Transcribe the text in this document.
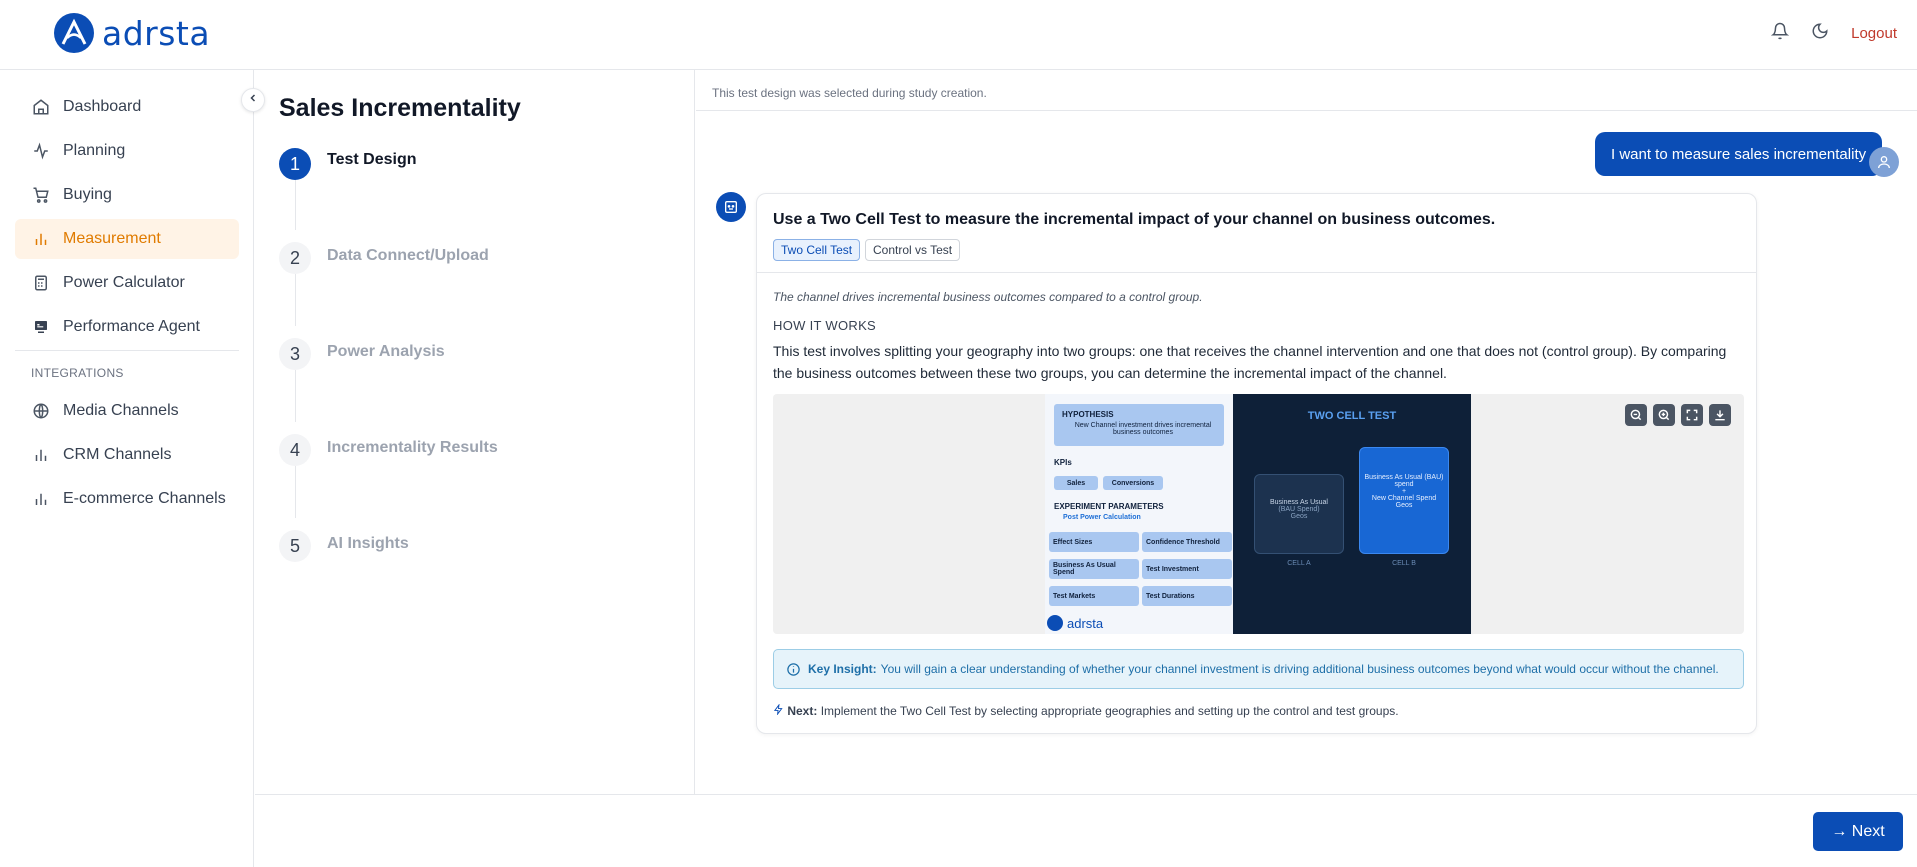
adrsta	Logout
Dashboard
Planning
Buying
Measurement
Power Calculator
Performance Agent
INTEGRATIONS
Media Channels
CRM Channels
E-commerce Channels
Sales Incrementality
1	Test Design
2	Data Connect/Upload
3	Power Analysis
4	Incrementality Results
5	AI Insights
This test design was selected during study creation.
I want to measure sales incrementality
Use a Two Cell Test to measure the incremental impact of your channel on business outcomes.
Two Cell Test	Control vs Test
The channel drives incremental business outcomes compared to a control group.
HOW IT WORKS
This test involves splitting your geography into two groups: one that receives the channel intervention and one that does not (control group). By comparing the business outcomes between these two groups, you can determine the incremental impact of the channel.
HYPOTHESIS
New Channel investment drives incremental business outcomes
KPIs
Sales	Conversions
EXPERIMENT PARAMETERS
Post Power Calculation
Effect Sizes	Confidence Threshold
Business As Usual Spend	Test Investment
Test Markets	Test Durations
adrsta
TWO CELL TEST
Business As Usual
(BAU Spend)
Geos
Business As Usual (BAU) spend
+
New Channel Spend
Geos
CELL A	CELL B
Key Insight: You will gain a clear understanding of whether your channel investment is driving additional business outcomes beyond what would occur without the channel.
Next: Implement the Two Cell Test by selecting appropriate geographies and setting up the control and test groups.
→ Next
